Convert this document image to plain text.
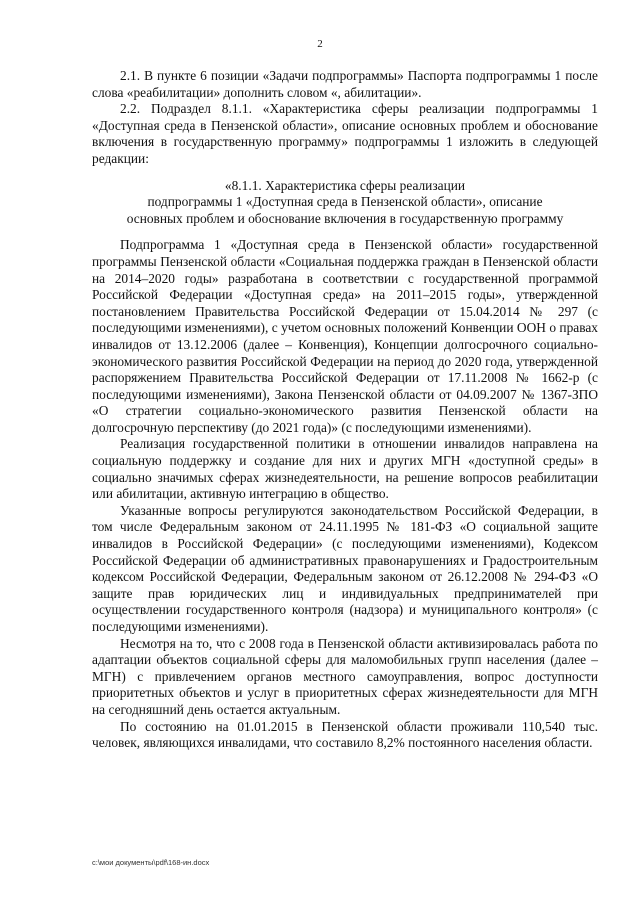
2

2.1. В пункте 6 позиции «Задачи подпрограммы» Паспорта подпрограммы 1 после слова «реабилитации» дополнить словом «, абилитации».

2.2. Подраздел 8.1.1. «Характеристика сферы реализации подпрограммы 1 «Доступная среда в Пензенской области», описание основных проблем и обоснование включения в государственную программу» подпрограммы 1 изложить в следующей редакции:

«8.1.1. Характеристика сферы реализации

подпрограммы 1 «Доступная среда в Пензенской области», описание

основных проблем и обоснование включения в государственную программу

Подпрограмма 1 «Доступная среда в Пензенской области» государственной программы Пензенской области «Социальная поддержка граждан в Пензенской области на 2014–2020 годы» разработана в соответствии с государственной программой Российской Федерации «Доступная среда» на 2011–2015 годы», утвержденной постановлением Правительства Российской Федерации от 15.04.2014 № 297 (с последующими изменениями), с учетом основных положений Конвенции ООН о правах инвалидов от 13.12.2006 (далее – Конвенция), Концепции долгосрочного социально-экономического развития Российской Федерации на период до 2020 года, утвержденной распоряжением Правительства Российской Федерации от 17.11.2008 № 1662-р (с последующими изменениями), Закона Пензенской области от 04.09.2007 № 1367-ЗПО «О стратегии социально-экономического развития Пензенской области на долгосрочную перспективу (до 2021 года)» (с последующими изменениями).

Реализация государственной политики в отношении инвалидов направлена на социальную поддержку и создание для них и других МГН «доступной среды» в социально значимых сферах жизнедеятельности, на решение вопросов реабилитации или абилитации, активную интеграцию в общество.

Указанные вопросы регулируются законодательством Российской Федерации, в том числе Федеральным законом от 24.11.1995 № 181-ФЗ «О социальной защите инвалидов в Российской Федерации» (с последующими изменениями), Кодексом Российской Федерации об административных правонарушениях и Градостроительным кодексом Российской Федерации, Федеральным законом от 26.12.2008 № 294-ФЗ «О защите прав юридических лиц и индивидуальных предпринимателей при осуществлении государственного контроля (надзора) и муниципального контроля» (с последующими изменениями).

Несмотря на то, что с 2008 года в Пензенской области активизировалась работа по адаптации объектов социальной сферы для маломобильных групп населения (далее – МГН) с привлечением органов местного самоуправления, вопрос доступности приоритетных объектов и услуг в приоритетных сферах жизнедеятельности для МГН на сегодняшний день остается актуальным.

По состоянию на 01.01.2015 в Пензенской области проживали 110,540 тыс. человек, являющихся инвалидами, что составило 8,2% постоянного населения области.

c:\мои документы\pdf\168-ин.docx
